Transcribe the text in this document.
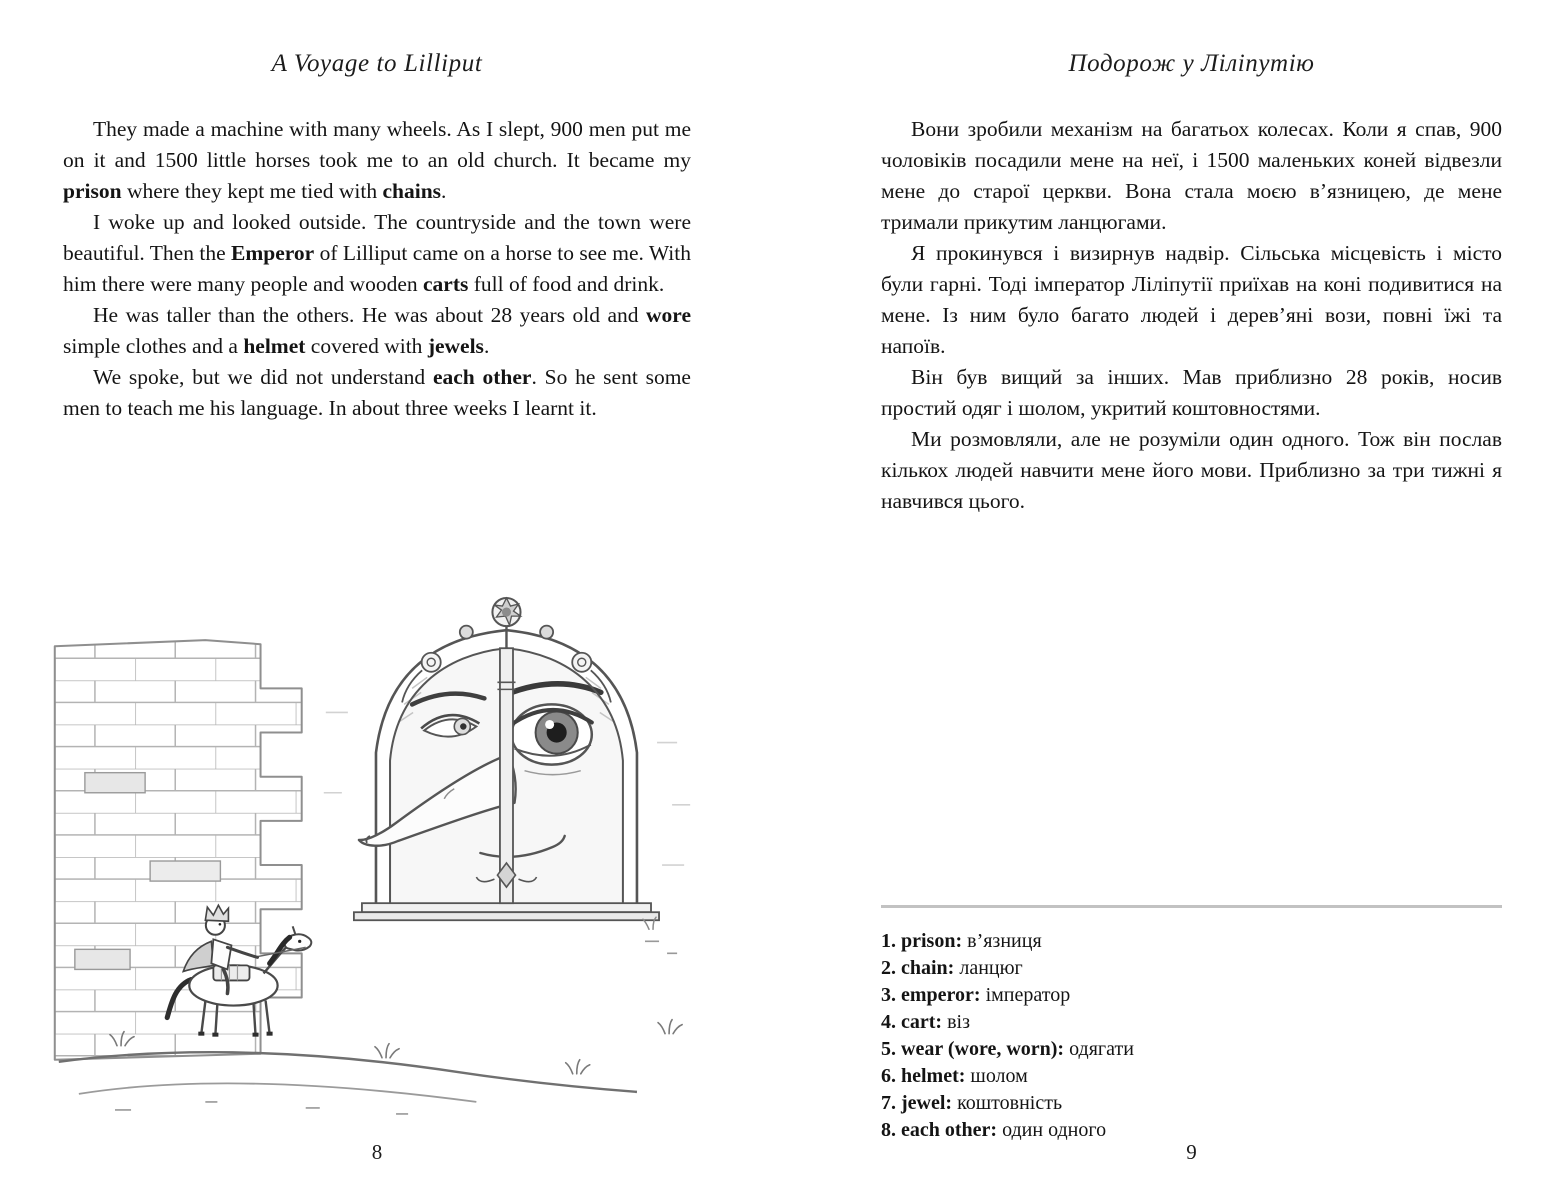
A Voyage to Lilliput

They made a machine with many wheels. As I slept, 900 men put me on it and 1500 little horses took me to an old church. It became my prison where they kept me tied with chains.

I woke up and looked outside. The countryside and the town were beautiful. Then the Emperor of Lilliput came on a horse to see me. With him there were many people and wooden carts full of food and drink.

He was taller than the others. He was about 28 years old and wore simple clothes and a helmet covered with jewels.

We spoke, but we did not understand each other. So he sent some men to teach me his language. In about three weeks I learnt it.

8
Подорож у Ліліпутію

Вони зробили механізм на багатьох колесах. Коли я спав, 900 чоловіків посадили мене на неї, і 1500 маленьких коней відвезли мене до старої церкви. Вона стала моєю в’язницею, де мене тримали прикутим ланцюгами.

Я прокинувся і визирнув надвір. Сільська місцевість і місто були гарні. Тоді імператор Ліліпутії приїхав на коні подивитися на мене. Із ним було багато людей і дерев’яні вози, повні їжі та напоїв.

Він був вищий за інших. Мав приблизно 28 років, носив простий одяг і шолом, укритий коштовностями.

Ми розмовляли, але не розуміли один одного. Тож він послав кількох людей навчити мене його мови. Приблизно за три тижні я навчився цього.

1. prison: в’язниця
2. chain: ланцюг
3. emperor: імператор
4. cart: віз
5. wear (wore, worn): одягати
6. helmet: шолом
7. jewel: коштовність
8. each other: один одного
9
